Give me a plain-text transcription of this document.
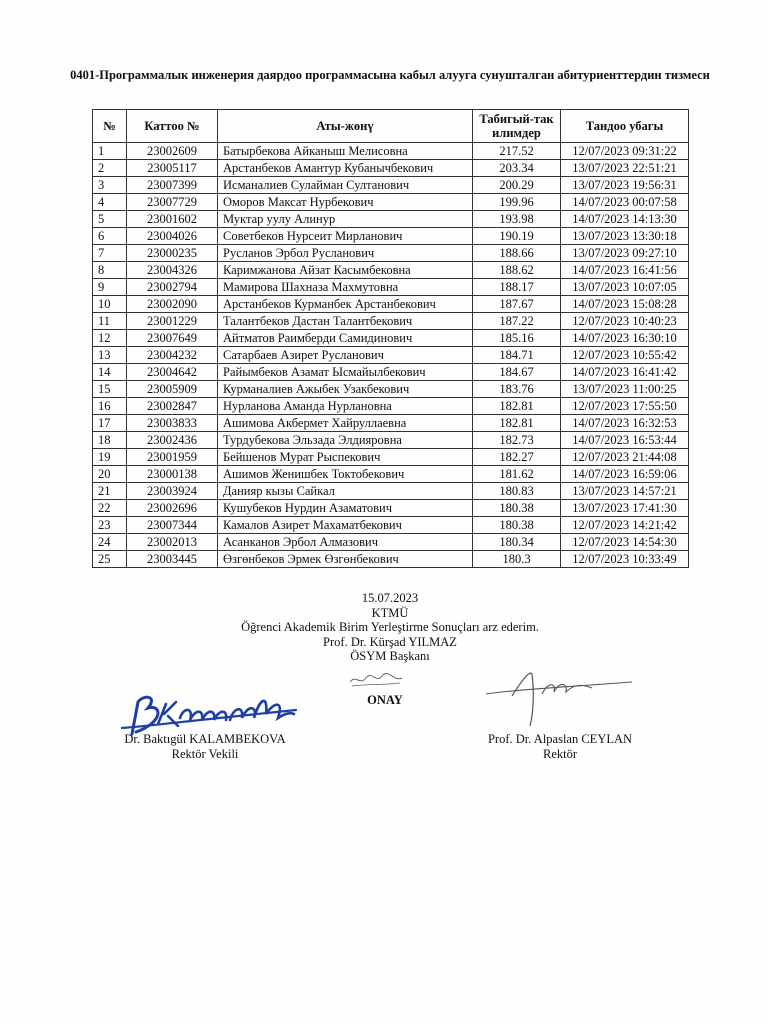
0401-Программалык инженерия даярдоо программасына кабыл алууга сунушталган абитуриенттердин тизмеси
№	Каттоо №	Аты-жөнү	Табигый-так илимдер	Тандоо убагы
1	23002609	Батырбекова Айканыш Мелисовна	217.52	12/07/2023 09:31:22
2	23005117	Арстанбеков Амантур Кубанычбекович	203.34	13/07/2023 22:51:21
3	23007399	Исманалиев Сулайман Султанович	200.29	13/07/2023 19:56:31
4	23007729	Оморов Максат Нурбекович	199.96	14/07/2023 00:07:58
5	23001602	Муктар уулу Алинур	193.98	14/07/2023 14:13:30
6	23004026	Советбеков Нурсеит Мирланович	190.19	13/07/2023 13:30:18
7	23000235	Русланов Эрбол Русланович	188.66	13/07/2023 09:27:10
8	23004326	Каримжанова Айзат Касымбековна	188.62	14/07/2023 16:41:56
9	23002794	Мамирова Шахназа Махмутовна	188.17	13/07/2023 10:07:05
10	23002090	Арстанбеков Курманбек Арстанбекович	187.67	14/07/2023 15:08:28
11	23001229	Талантбеков Дастан Талантбекович	187.22	12/07/2023 10:40:23
12	23007649	Айтматов Раимберди Самидинович	185.16	14/07/2023 16:30:10
13	23004232	Сатарбаев Азирет Русланович	184.71	12/07/2023 10:55:42
14	23004642	Райымбеков Азамат Ысмайылбекович	184.67	14/07/2023 16:41:42
15	23005909	Курманалиев Ажыбек Узакбекович	183.76	13/07/2023 11:00:25
16	23002847	Нурланова Аманда Нурлановна	182.81	12/07/2023 17:55:50
17	23003833	Ашимова Акбермет Хайруллаевна	182.81	14/07/2023 16:32:53
18	23002436	Турдубекова Эльзада Элдияровна	182.73	14/07/2023 16:53:44
19	23001959	Бейшенов Мурат Рыспекович	182.27	12/07/2023 21:44:08
20	23000138	Ашимов Женишбек Токтобекович	181.62	14/07/2023 16:59:06
21	23003924	Данияр кызы Сайкал	180.83	13/07/2023 14:57:21
22	23002696	Кушубеков Нурдин Азаматович	180.38	13/07/2023 17:41:30
23	23007344	Камалов Азирет Махаматбекович	180.38	12/07/2023 14:21:42
24	23002013	Асанканов Эрбол Алмазович	180.34	12/07/2023 14:54:30
25	23003445	Өзгөнбеков Эрмек Өзгөнбекович	180.3	12/07/2023 10:33:49
15.07.2023
KTMÜ
Öğrenci Akademik Birim Yerleştirme Sonuçları arz ederim.
Prof. Dr. Kürşad YILMAZ
ÖSYM Başkanı
ONAY
Dr. Baktıgül KALAMBEKOVA
Rektör Vekili
Prof. Dr. Alpaslan CEYLAN
Rektör
